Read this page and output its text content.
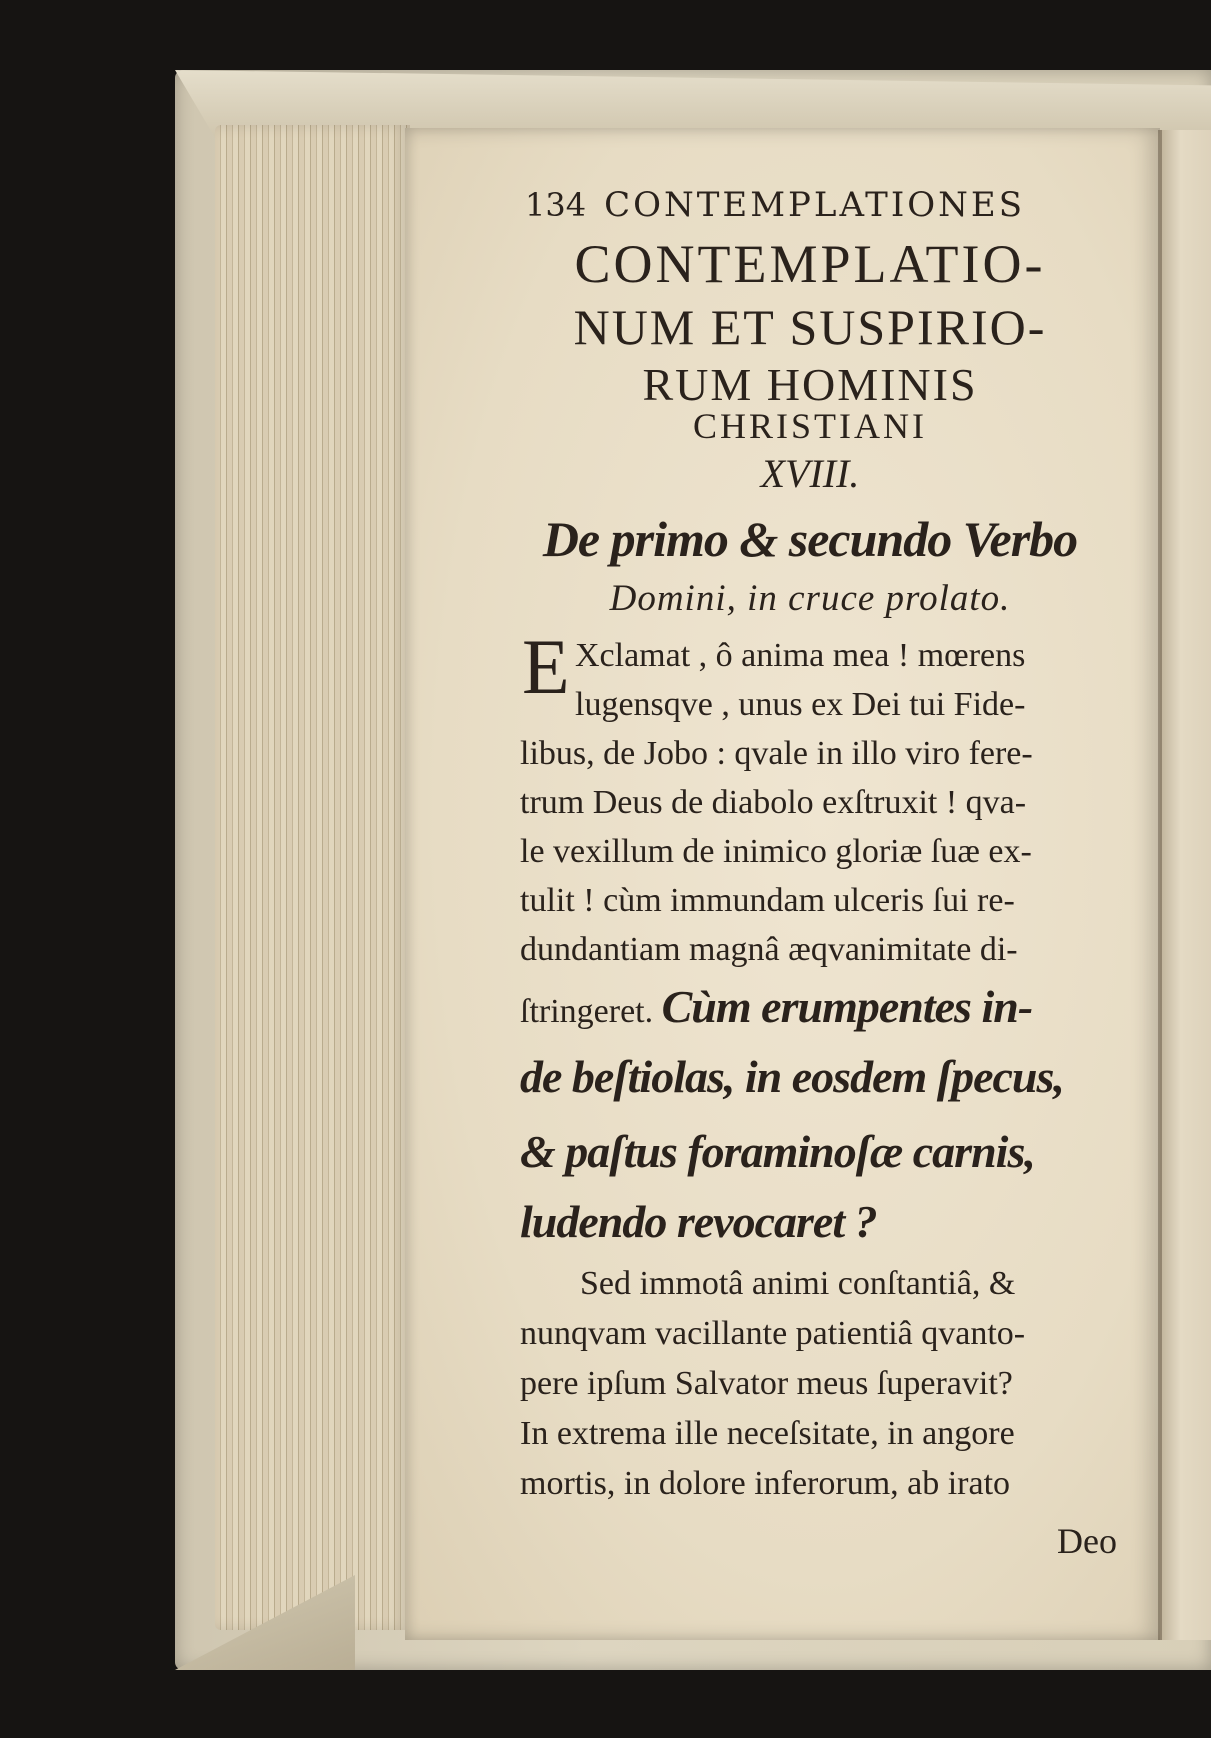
134 CONTEMPLATIONES
CONTEMPLATIO-
NUM ET SUSPIRIO-
RUM HOMINIS
CHRISTIANI
XVIII.
De primo & secundo Verbo
Domini, in cruce prolato.
E Xclamat , ô anima mea ! mœrens
lugensqve , unus ex Dei tui Fide-
libus, de Jobo : qvale in illo viro fere-
trum Deus de diabolo exſtruxit ! qva-
le vexillum de inimico gloriæ ſuæ ex-
tulit ! cùm immundam ulceris ſui re-
dundantiam magnâ æqvanimitate di-
ſtringeret. Cùm erumpentes in-
de beſtiolas, in eosdem ſpecus,
& paſtus foraminoſæ carnis,
ludendo revocaret ?
Sed immotâ animi conſtantiâ, &
nunqvam vacillante patientiâ qvanto-
pere ipſum Salvator meus ſuperavit?
In extrema ille neceſsitate, in angore
mortis, in dolore inferorum, ab irato
Deo
